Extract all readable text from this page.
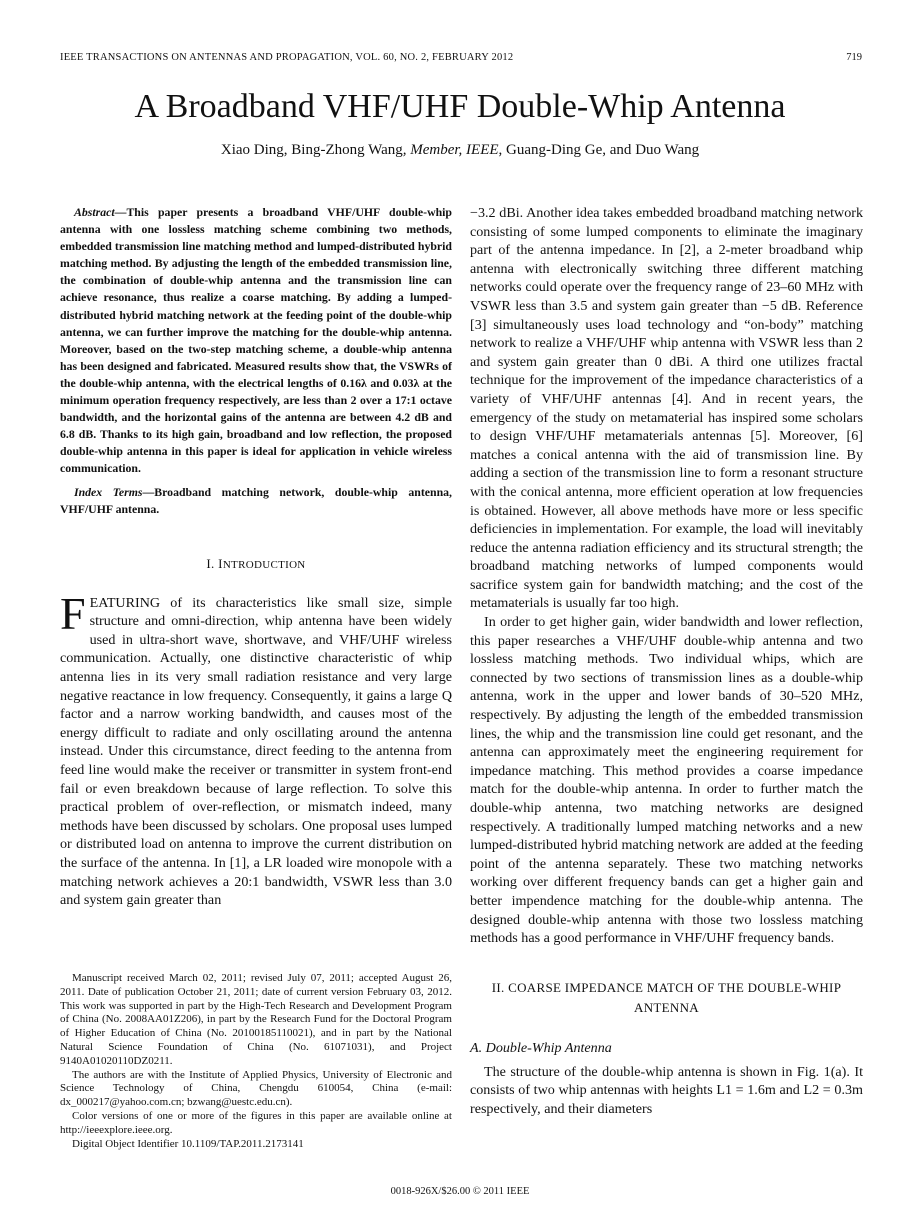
IEEE TRANSACTIONS ON ANTENNAS AND PROPAGATION, VOL. 60, NO. 2, FEBRUARY 2012	719
A Broadband VHF/UHF Double-Whip Antenna
Xiao Ding, Bing-Zhong Wang, Member, IEEE, Guang-Ding Ge, and Duo Wang

Abstract—This paper presents a broadband VHF/UHF double-whip antenna with one lossless matching scheme combining two methods, embedded transmission line matching method and lumped-distributed hybrid matching method. By adjusting the length of the embedded transmission line, the combination of double-whip antenna and the transmission line can achieve resonance, thus realize a coarse matching. By adding a lumped-distributed hybrid matching network at the feeding point of the double-whip antenna, we can further improve the matching for the double-whip antenna. Moreover, based on the two-step matching scheme, a double-whip antenna has been designed and fabricated. Measured results show that, the VSWRs of the double-whip antenna, with the electrical lengths of 0.16λ and 0.03λ at the minimum operation frequency respectively, are less than 2 over a 17:1 octave bandwidth, and the horizontal gains of the antenna are between 4.2 dB and 6.8 dB. Thanks to its high gain, broadband and low reflection, the proposed double-whip antenna in this paper is ideal for application in vehicle wireless communication.

Index Terms—Broadband matching network, double-whip antenna, VHF/UHF antenna.

I. INTRODUCTION

FEATURING of its characteristics like small size, simple structure and omni-direction, whip antenna have been widely used in ultra-short wave, shortwave, and VHF/UHF wireless communication. Actually, one distinctive characteristic of whip antenna lies in its very small radiation resistance and very large negative reactance in low frequency. Consequently, it gains a large Q factor and a narrow working bandwidth, and causes most of the energy difficult to radiate and only oscillating around the antenna instead. Under this circumstance, direct feeding to the antenna from feed line would make the receiver or transmitter in system front-end fail or even breakdown because of large reflection. To solve this practical problem of over-reflection, or mismatch indeed, many methods have been discussed by scholars. One proposal uses lumped or distributed load on antenna to improve the current distribution on the surface of the antenna. In [1], a LR loaded wire monopole with a matching network achieves a 20:1 bandwidth, VSWR less than 3.0 and system gain greater than

Manuscript received March 02, 2011; revised July 07, 2011; accepted August 26, 2011. Date of publication October 21, 2011; date of current version February 03, 2012. This work was supported in part by the High-Tech Research and Development Program of China (No. 2008AA01Z206), in part by the Research Fund for the Doctoral Program of Higher Education of China (No. 20100185110021), and in part by the National Natural Science Foundation of China (No. 61071031), and Project 9140A01020110DZ0211.

The authors are with the Institute of Applied Physics, University of Electronic and Science Technology of China, Chengdu 610054, China (e-mail: dx_000217@yahoo.com.cn; bzwang@uestc.edu.cn).

Color versions of one or more of the figures in this paper are available online at http://ieeexplore.ieee.org.

Digital Object Identifier 10.1109/TAP.2011.2173141

−3.2 dBi. Another idea takes embedded broadband matching network consisting of some lumped components to eliminate the imaginary part of the antenna impedance. In [2], a 2-meter broadband whip antenna with electronically switching three different matching networks could operate over the frequency range of 23–60 MHz with VSWR less than 3.5 and system gain greater than −5 dB. Reference [3] simultaneously uses load technology and “on-body” matching network to realize a VHF/UHF whip antenna with VSWR less than 2 and system gain greater than 0 dBi. A third one utilizes fractal technique for the improvement of the impedance characteristics of a variety of VHF/UHF antennas [4]. And in recent years, the emergency of the study on metamaterial has inspired some scholars to design VHF/UHF metamaterials antennas [5]. Moreover, [6] matches a conical antenna with the aid of transmission line. By adding a section of the transmission line to form a resonant structure with the conical antenna, more efficient operation at low frequencies is obtained. However, all above methods have more or less specific deficiencies in implementation. For example, the load will inevitably reduce the antenna radiation efficiency and its structural strength; the broadband matching networks of lumped components would sacrifice system gain for bandwidth matching; and the cost of the metamaterials is usually far too high.

In order to get higher gain, wider bandwidth and lower reflection, this paper researches a VHF/UHF double-whip antenna and two lossless matching methods. Two individual whips, which are connected by two sections of transmission lines as a double-whip antenna, work in the upper and lower bands of 30–520 MHz, respectively. By adjusting the length of the embedded transmission lines, the whip and the transmission line could get resonant, and the antenna can approximately meet the engineering requirement for impedance matching. This method provides a coarse impedance match for the double-whip antenna. In order to further match the double-whip antenna, two matching networks are designed respectively. A traditionally lumped matching networks and a new lumped-distributed hybrid matching network are added at the feeding point of the antenna separately. These two matching networks working over different frequency bands can get a higher gain and better impendence matching for the double-whip antenna. The designed double-whip antenna with those two lossless matching methods has a good performance in VHF/UHF frequency bands.

II. COARSE IMPEDANCE MATCH OF THE DOUBLE-WHIP
ANTENNA
A. Double-Whip Antenna

The structure of the double-whip antenna is shown in Fig. 1(a). It consists of two whip antennas with heights L1 = 1.6m and L2 = 0.3m respectively, and their diameters

0018-926X/$26.00 © 2011 IEEE
